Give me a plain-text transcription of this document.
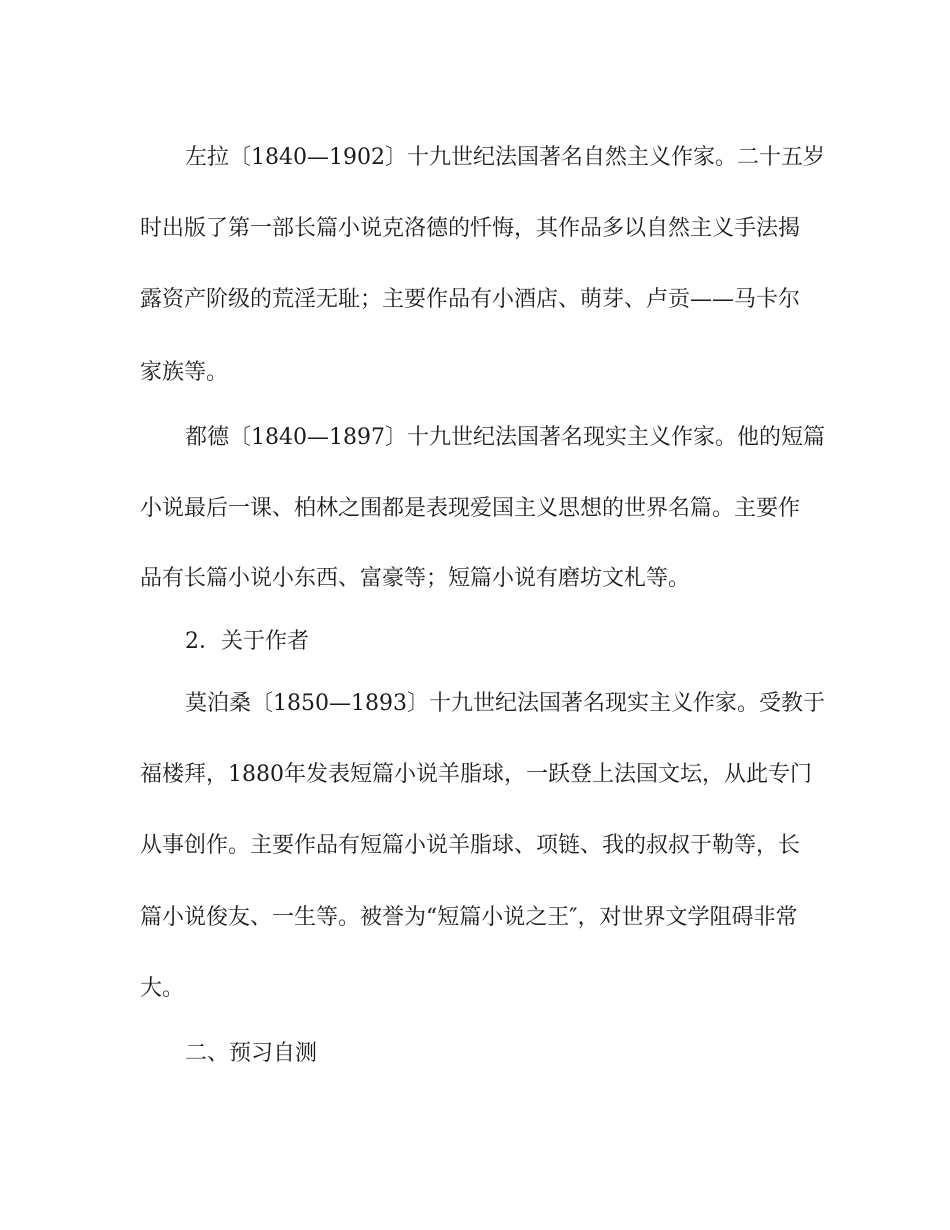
左拉〔1840—1902〕十九世纪法国著名自然主义作家。二十五岁

时出版了第一部长篇小说克洛德的忏悔，其作品多以自然主义手法揭

露资产阶级的荒淫无耻；主要作品有小酒店、萌芽、卢贡——马卡尔

家族等。

都德〔1840—1897〕十九世纪法国著名现实主义作家。他的短篇

小说最后一课、柏林之围都是表现爱国主义思想的世界名篇。主要作

品有长篇小说小东西、富豪等；短篇小说有磨坊文札等。

2．关于作者

莫泊桑〔1850—1893〕十九世纪法国著名现实主义作家。受教于

福楼拜，1880年发表短篇小说羊脂球，一跃登上法国文坛，从此专门

从事创作。主要作品有短篇小说羊脂球、项链、我的叔叔于勒等，长

篇小说俊友、一生等。被誉为“短篇小说之王″，对世界文学阻碍非常

大。

二、预习自测
